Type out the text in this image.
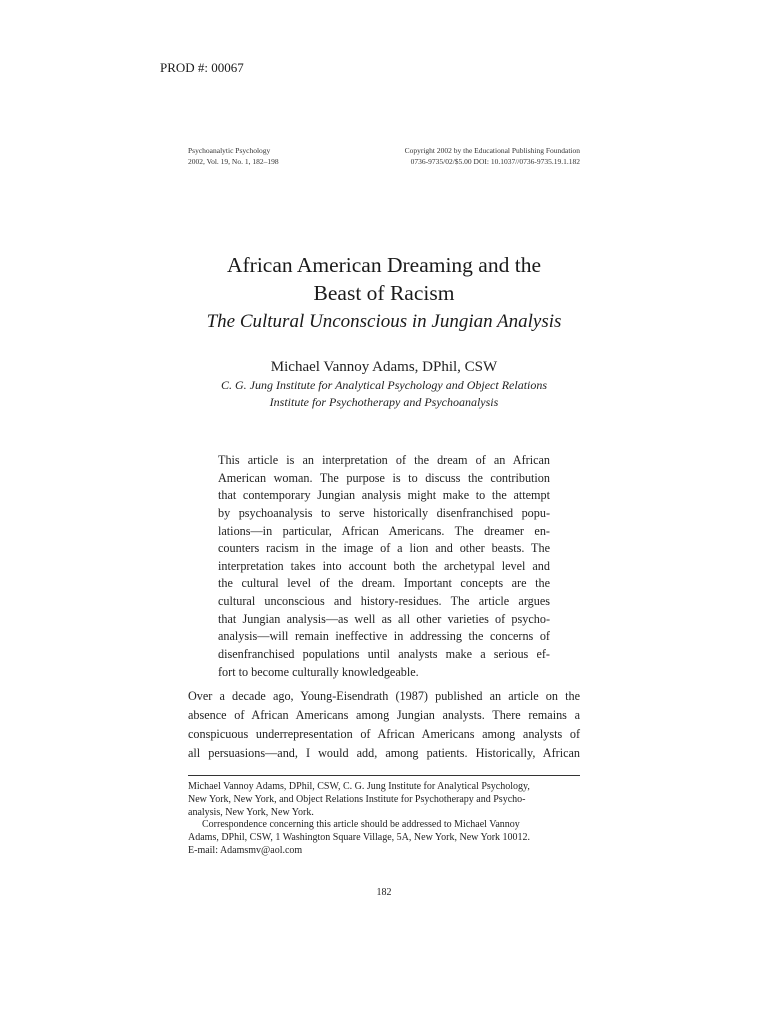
PROD #: 00067
Psychoanalytic Psychology
2002, Vol. 19, No. 1, 182–198
Copyright 2002 by the Educational Publishing Foundation
0736-9735/02/$5.00 DOI: 10.1037//0736-9735.19.1.182
African American Dreaming and the
Beast of Racism
The Cultural Unconscious in Jungian Analysis
Michael Vannoy Adams, DPhil, CSW
C. G. Jung Institute for Analytical Psychology and Object Relations
Institute for Psychotherapy and Psychoanalysis
This article is an interpretation of the dream of an African
American woman. The purpose is to discuss the contribution
that contemporary Jungian analysis might make to the attempt
by psychoanalysis to serve historically disenfranchised popu-
lations—in particular, African Americans. The dreamer en-
counters racism in the image of a lion and other beasts. The
interpretation takes into account both the archetypal level and
the cultural level of the dream. Important concepts are the
cultural unconscious and history-residues. The article argues
that Jungian analysis—as well as all other varieties of psycho-
analysis—will remain ineffective in addressing the concerns of
disenfranchised populations until analysts make a serious ef-
fort to become culturally knowledgeable.
Over a decade ago, Young-Eisendrath (1987) published an article on the
absence of African Americans among Jungian analysts. There remains a
conspicuous underrepresentation of African Americans among analysts of
all persuasions—and, I would add, among patients. Historically, African
Michael Vannoy Adams, DPhil, CSW, C. G. Jung Institute for Analytical Psychology,
New York, New York, and Object Relations Institute for Psychotherapy and Psycho-
analysis, New York, New York.
Correspondence concerning this article should be addressed to Michael Vannoy
Adams, DPhil, CSW, 1 Washington Square Village, 5A, New York, New York 10012.
E-mail: Adamsmv@aol.com
182
